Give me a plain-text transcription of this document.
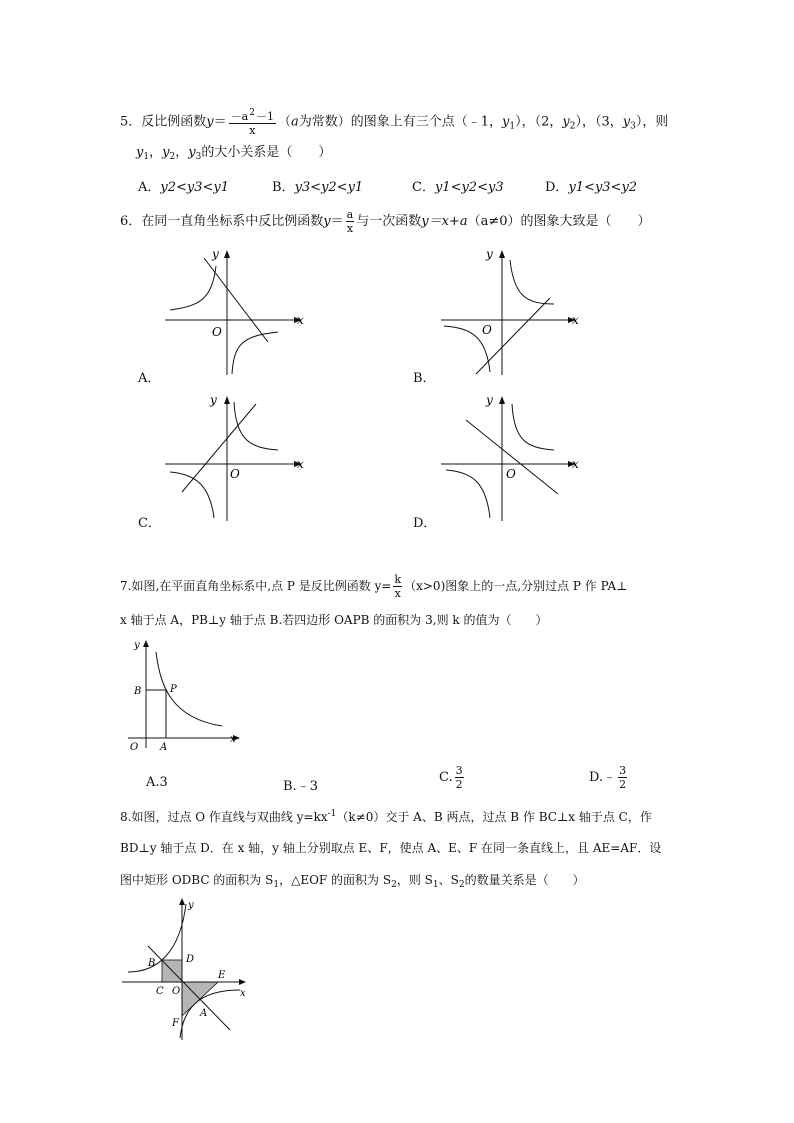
5．反比例函数$y= \frac{-a^2-1}{x} (a$为常数）的图象上有三个点（﹣1，$y_1$），（2，$y_2$），（3，$y_3$），则
$y_1$，$y_2$，$y_3$的大小关系是（　　）
A．y2<y3<y1	B．y3<y2<y1	C．y1<y2<y3	D．y1<y3<y2
6．在同一直角坐标系中反比例函数$y= \frac{a}{x}$ 与一次函数y＝x+a（a≠0）的图象大致是（　　）
O
y
x
A．
O
y
x
B．
O
y
x
C．
O
y
x
D．
7.如图,在平面直角坐标系中,点 P 是反比例函数 $y= \frac{k}{x} (x>0)$图象上的一点,分别过点 P 作 PA⊥
x 轴于点 A，PB⊥y 轴于点 B.若四边形 OAPB 的面积为 3,则 k 的值为（　　）
y
x
B	P
O A
A.3	B.﹣3
C. $\frac{3}{2}$	D.﹣ $\frac{3}{2}$
8.如图，过点 O 作直线与双曲线 $y=kx^{-1}(k\ne 0)$交于 A、B 两点，过点 B 作 BC⊥x 轴于点 C，作
BD⊥y 轴于点 D．在 x 轴，y 轴上分别取点 E、F，使点 A、E、F 在同一条直线上，且 AE=AF．设
图中矩形 ODBC 的面积为 $S_1$，△EOF 的面积为 $S_2$，则 $S_1$、$S_2$的数量关系是（　　）
y
x
B	D
C O
E
F
A
